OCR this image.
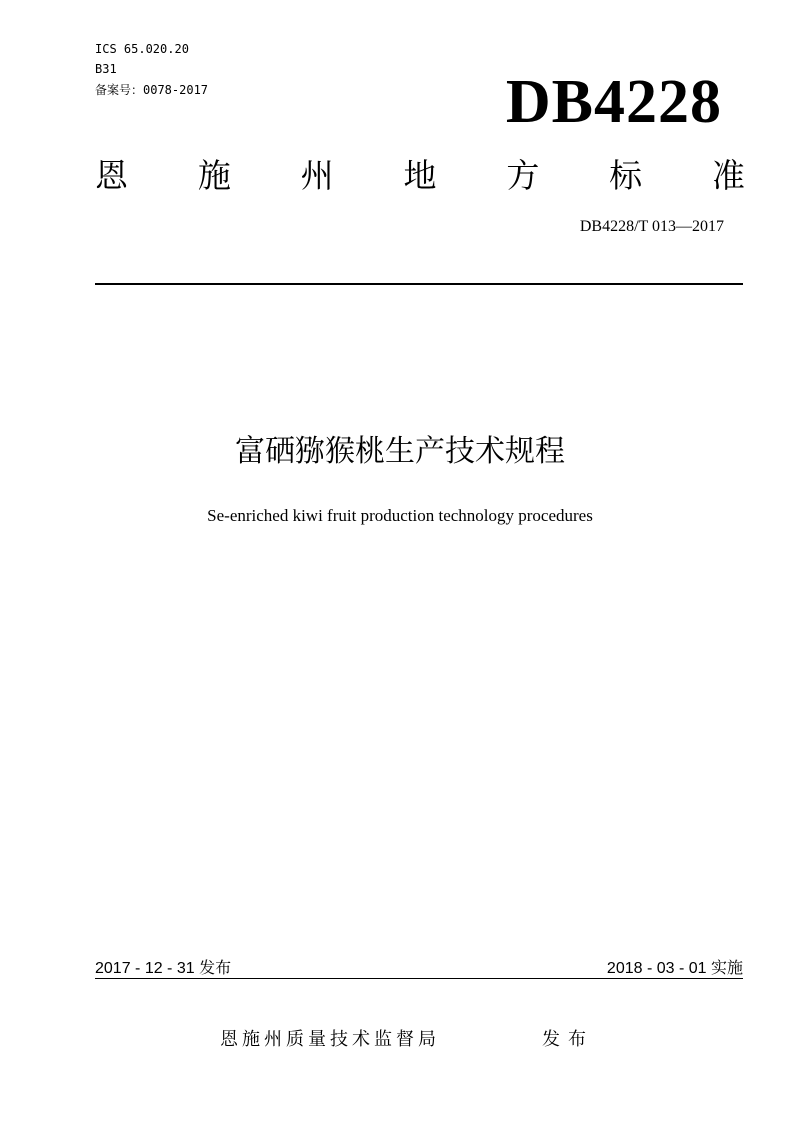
ICS 65.020.20
B31
备案号：0078-2017	DB4228
恩 施 州 地 方 标 准
DB4228/T 013—2017
富硒猕猴桃生产技术规程
Se-enriched kiwi fruit production technology procedures
2017 - 12 - 31 发布	2018 - 03 - 01 实施
恩施州质量技术监督局	发布
